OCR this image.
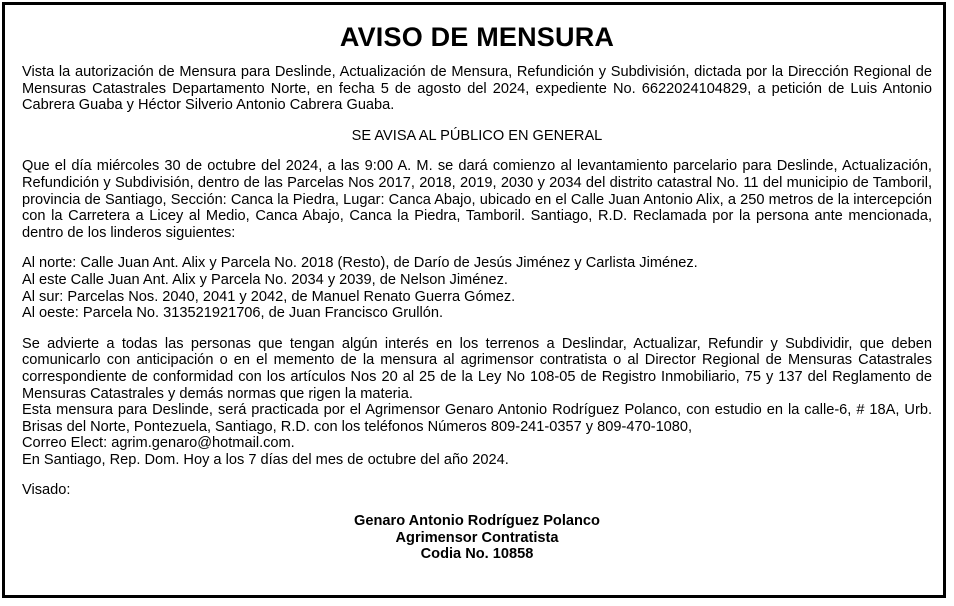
AVISO DE MENSURA

Vista la autorización de Mensura para Deslinde, Actualización de Mensura, Refundición y Subdivisión, dictada por la Dirección Regional de Mensuras Catastrales Departamento Norte, en fecha 5 de agosto del 2024, expediente No. 6622024104829, a petición de Luis Antonio Cabrera Guaba y Héctor Silverio Antonio Cabrera Guaba.

SE AVISA AL PÚBLICO EN GENERAL

Que el día miércoles 30 de octubre del 2024, a las 9:00 A. M. se dará comienzo al levantamiento parcelario para Deslinde, Actualización, Refundición y Subdivisión, dentro de las Parcelas Nos 2017, 2018, 2019, 2030 y 2034 del distrito catastral No. 11 del municipio de Tamboril, provincia de Santiago, Sección: Canca la Piedra, Lugar: Canca Abajo, ubicado en el Calle Juan Antonio Alix, a 250 metros de la intercepción con la Carretera a Licey al Medio, Canca Abajo, Canca la Piedra, Tamboril. Santiago, R.D. Reclamada por la persona ante mencionada, dentro de los linderos siguientes:

Al norte: Calle Juan Ant. Alix y Parcela No. 2018 (Resto), de Darío de Jesús Jiménez y Carlista Jiménez.
Al este Calle Juan Ant. Alix y Parcela No. 2034 y 2039, de Nelson Jiménez.
Al sur: Parcelas Nos. 2040, 2041 y 2042, de Manuel Renato Guerra Gómez.
Al oeste: Parcela No. 313521921706, de Juan Francisco Grullón.

Se advierte a todas las personas que tengan algún interés en los terrenos a Deslindar, Actualizar, Refundir y Subdividir, que deben comunicarlo con anticipación o en el memento de la mensura al agrimensor contratista o al Director Regional de Mensuras Catastrales correspondiente de conformidad con los artículos Nos 20 al 25 de la Ley No 108-05 de Registro Inmobiliario, 75 y 137 del Reglamento de Mensuras Catastrales y demás normas que rigen la materia.

Esta mensura para Deslinde, será practicada por el Agrimensor Genaro Antonio Rodríguez Polanco, con estudio en la calle-6, # 18A, Urb. Brisas del Norte, Pontezuela, Santiago, R.D. con los teléfonos Números 809-241-0357 y 809-470-1080,

Correo Elect: agrim.genaro@hotmail.com.
En Santiago, Rep. Dom. Hoy a los 7 días del mes de octubre del año 2024.
Visado:
Genaro Antonio Rodríguez Polanco
Agrimensor Contratista
Codia No. 10858
